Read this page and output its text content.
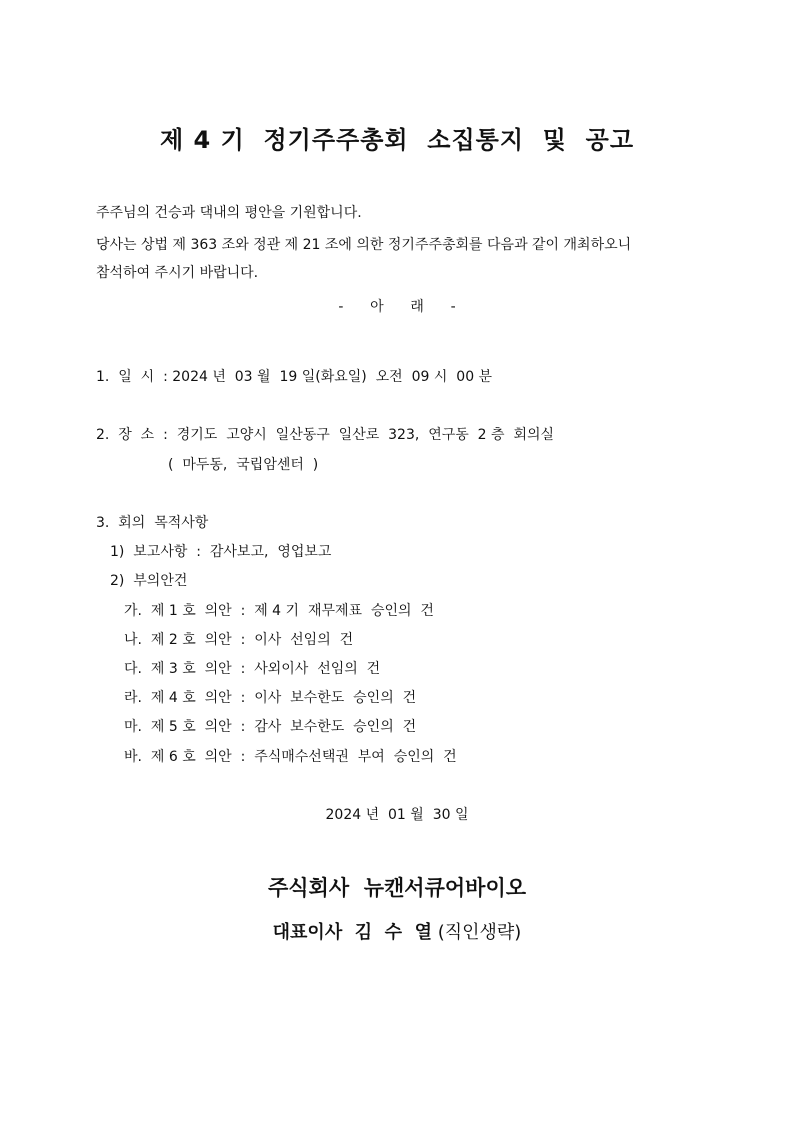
제 4 기  정기주주총회  소집통지  및  공고
주주님의 건승과 댁내의 평안을 기원합니다.
당사는 상법 제 363 조와 정관 제 21 조에 의한 정기주주총회를 다음과 같이 개최하오니
참석하여 주시기 바랍니다.
-      아      래      -
1.  일  시  : 2024 년  03 월  19 일(화요일)  오전  09 시  00 분
2.  장  소  :  경기도  고양시  일산동구  일산로  323,  연구동  2 층  회의실
(  마두동,  국립암센터  )
3.  회의  목적사항
1)  보고사항  :  감사보고,  영업보고
2)  부의안건
가.  제 1 호  의안  :  제 4 기  재무제표  승인의  건
나.  제 2 호  의안  :  이사  선임의  건
다.  제 3 호  의안  :  사외이사  선임의  건
라.  제 4 호  의안  :  이사  보수한도  승인의  건
마.  제 5 호  의안  :  감사  보수한도  승인의  건
바.  제 6 호  의안  :  주식매수선택권  부여  승인의  건
2024 년  01 월  30 일
주식회사  뉴캔서큐어바이오
대표이사  김  수  열 (직인생략)
